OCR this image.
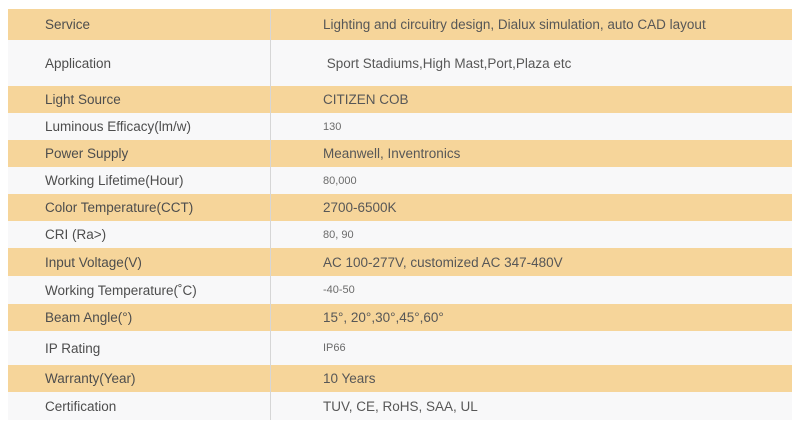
Service	Lighting and circuitry design, Dialux simulation, auto CAD layout
Application	Sport Stadiums,High Mast,Port,Plaza etc
Light Source	CITIZEN COB
Luminous Efficacy(lm/w)	130
Power Supply	Meanwell, Inventronics
Working Lifetime(Hour)	80,000
Color Temperature(CCT)	2700-6500K
CRI (Ra>)	80, 90
Input Voltage(V)	AC 100-277V, customized AC 347-480V
Working Temperature(˚C)	-40-50
Beam Angle(°)	15°, 20°,30°,45°,60°
IP Rating	IP66
Warranty(Year)	10 Years
Certification	TUV, CE, RoHS, SAA, UL
